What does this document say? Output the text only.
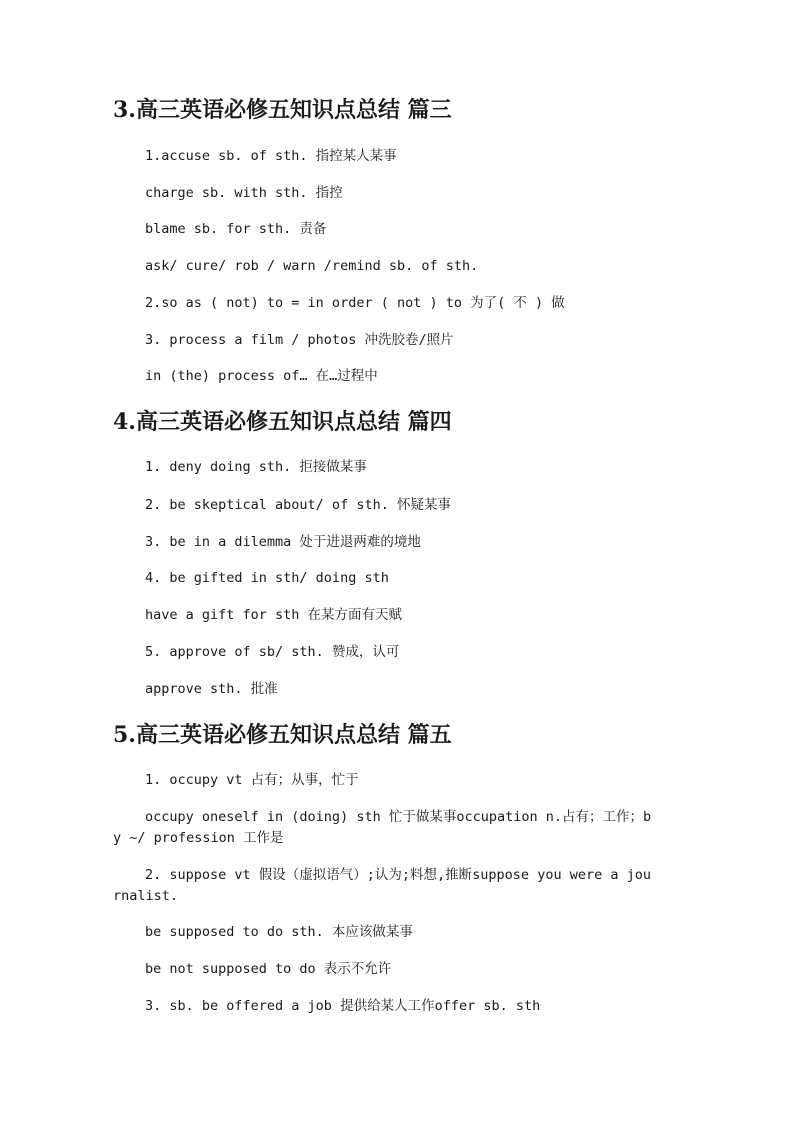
3.高三英语必修五知识点总结 篇三

1.accuse sb. of sth. 指控某人某事

charge sb. with sth. 指控

blame sb. for sth. 责备

ask/ cure/ rob / warn /remind sb. of sth.

2.so as ( not) to = in order ( not ) to 为了( 不 ) 做

3. process a film / photos 冲洗胶卷/照片

in (the) process of… 在…过程中

4.高三英语必修五知识点总结 篇四

1. deny doing sth. 拒接做某事

2. be skeptical about/ of sth. 怀疑某事

3. be in a dilemma 处于进退两难的境地

4. be gifted in sth/ doing sth

have a gift for sth 在某方面有天赋

5. approve of sb/ sth. 赞成，认可

approve sth. 批准

5.高三英语必修五知识点总结 篇五

1. occupy vt 占有；从事，忙于

occupy oneself in (doing) sth 忙于做某事occupation n.占有；工作；by ~/ profession 工作是

2. suppose vt 假设（虚拟语气）;认为;料想,推断suppose you were a journalist.

be supposed to do sth. 本应该做某事

be not supposed to do 表示不允许

3. sb. be offered a job 提供给某人工作offer sb. sth
